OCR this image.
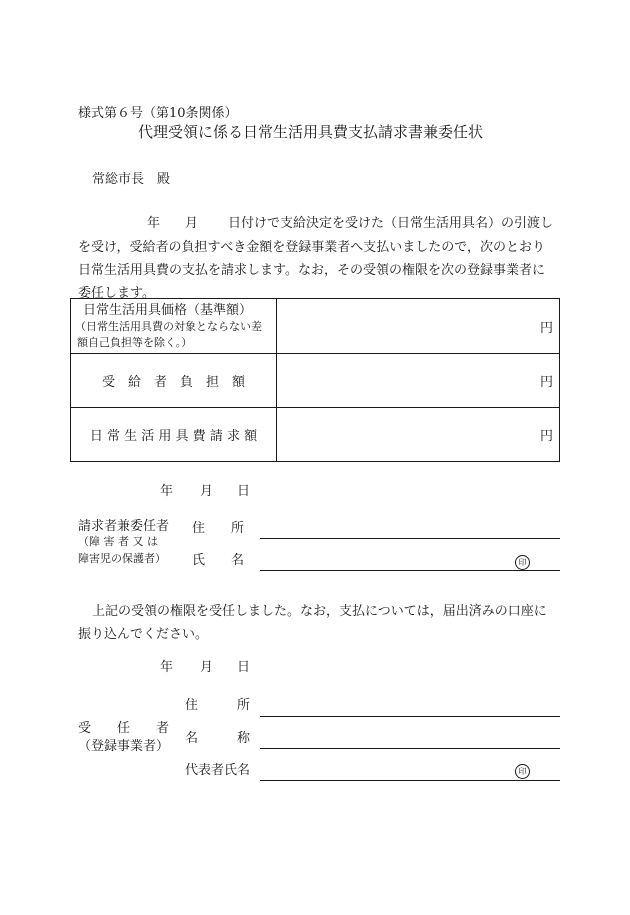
様式第６号（第10条関係）
代理受領に係る日常生活用具費支払請求書兼委任状
常総市長　殿
年 月 日付けで支給決定を受けた（日常生活用具名）の引渡し
を受け，受給者の負担すべき金額を登録事業者へ支払いましたので，次のとおり
日常生活用具費の支払を請求します。なお，その受領の権限を次の登録事業者に
委任します。
日常生活用具価格（基準額）
（日常生活用具費の対象とならない差
額自己負担等を除く。）	円
受　給　者　負　担　額	円
日 常 生 活 用 具 費 請 求 額	円
年 月 日
請求者兼委任者
（障 害 者 又 は
障害児の保護者）
住　　所
氏　　名	印
上記の受領の権限を受任しました。なお，支払については，届出済みの口座に
振り込んでください。
年 月 日
受　　任　　者
（登録事業者）
住　　　所
名　　　称
代表者氏名	印
